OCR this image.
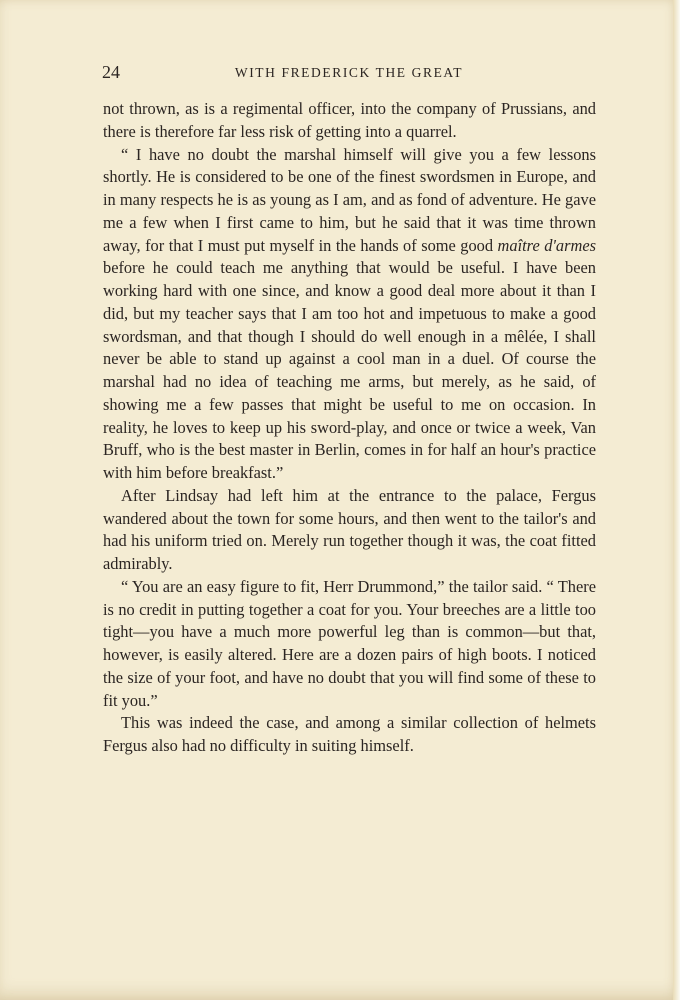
24	WITH FREDERICK THE GREAT

not thrown, as is a regimental officer, into the company of Prussians, and there is therefore far less risk of getting into a quarrel.

“ I have no doubt the marshal himself will give you a few lessons shortly. He is considered to be one of the finest swordsmen in Europe, and in many respects he is as young as I am, and as fond of adventure. He gave me a few when I first came to him, but he said that it was time thrown away, for that I must put myself in the hands of some good maître d'armes before he could teach me anything that would be useful. I have been working hard with one since, and know a good deal more about it than I did, but my teacher says that I am too hot and impetuous to make a good swordsman, and that though I should do well enough in a mêlée, I shall never be able to stand up against a cool man in a duel. Of course the marshal had no idea of teaching me arms, but merely, as he said, of showing me a few passes that might be useful to me on occasion. In reality, he loves to keep up his sword-play, and once or twice a week, Van Bruff, who is the best master in Berlin, comes in for half an hour's practice with him before breakfast.”

After Lindsay had left him at the entrance to the palace, Fergus wandered about the town for some hours, and then went to the tailor's and had his uniform tried on. Merely run together though it was, the coat fitted admirably.

“ You are an easy figure to fit, Herr Drummond,” the tailor said. “ There is no credit in putting together a coat for you. Your breeches are a little too tight—you have a much more powerful leg than is common—but that, however, is easily altered. Here are a dozen pairs of high boots. I noticed the size of your foot, and have no doubt that you will find some of these to fit you.”

This was indeed the case, and among a similar collection of helmets Fergus also had no difficulty in suiting himself.
